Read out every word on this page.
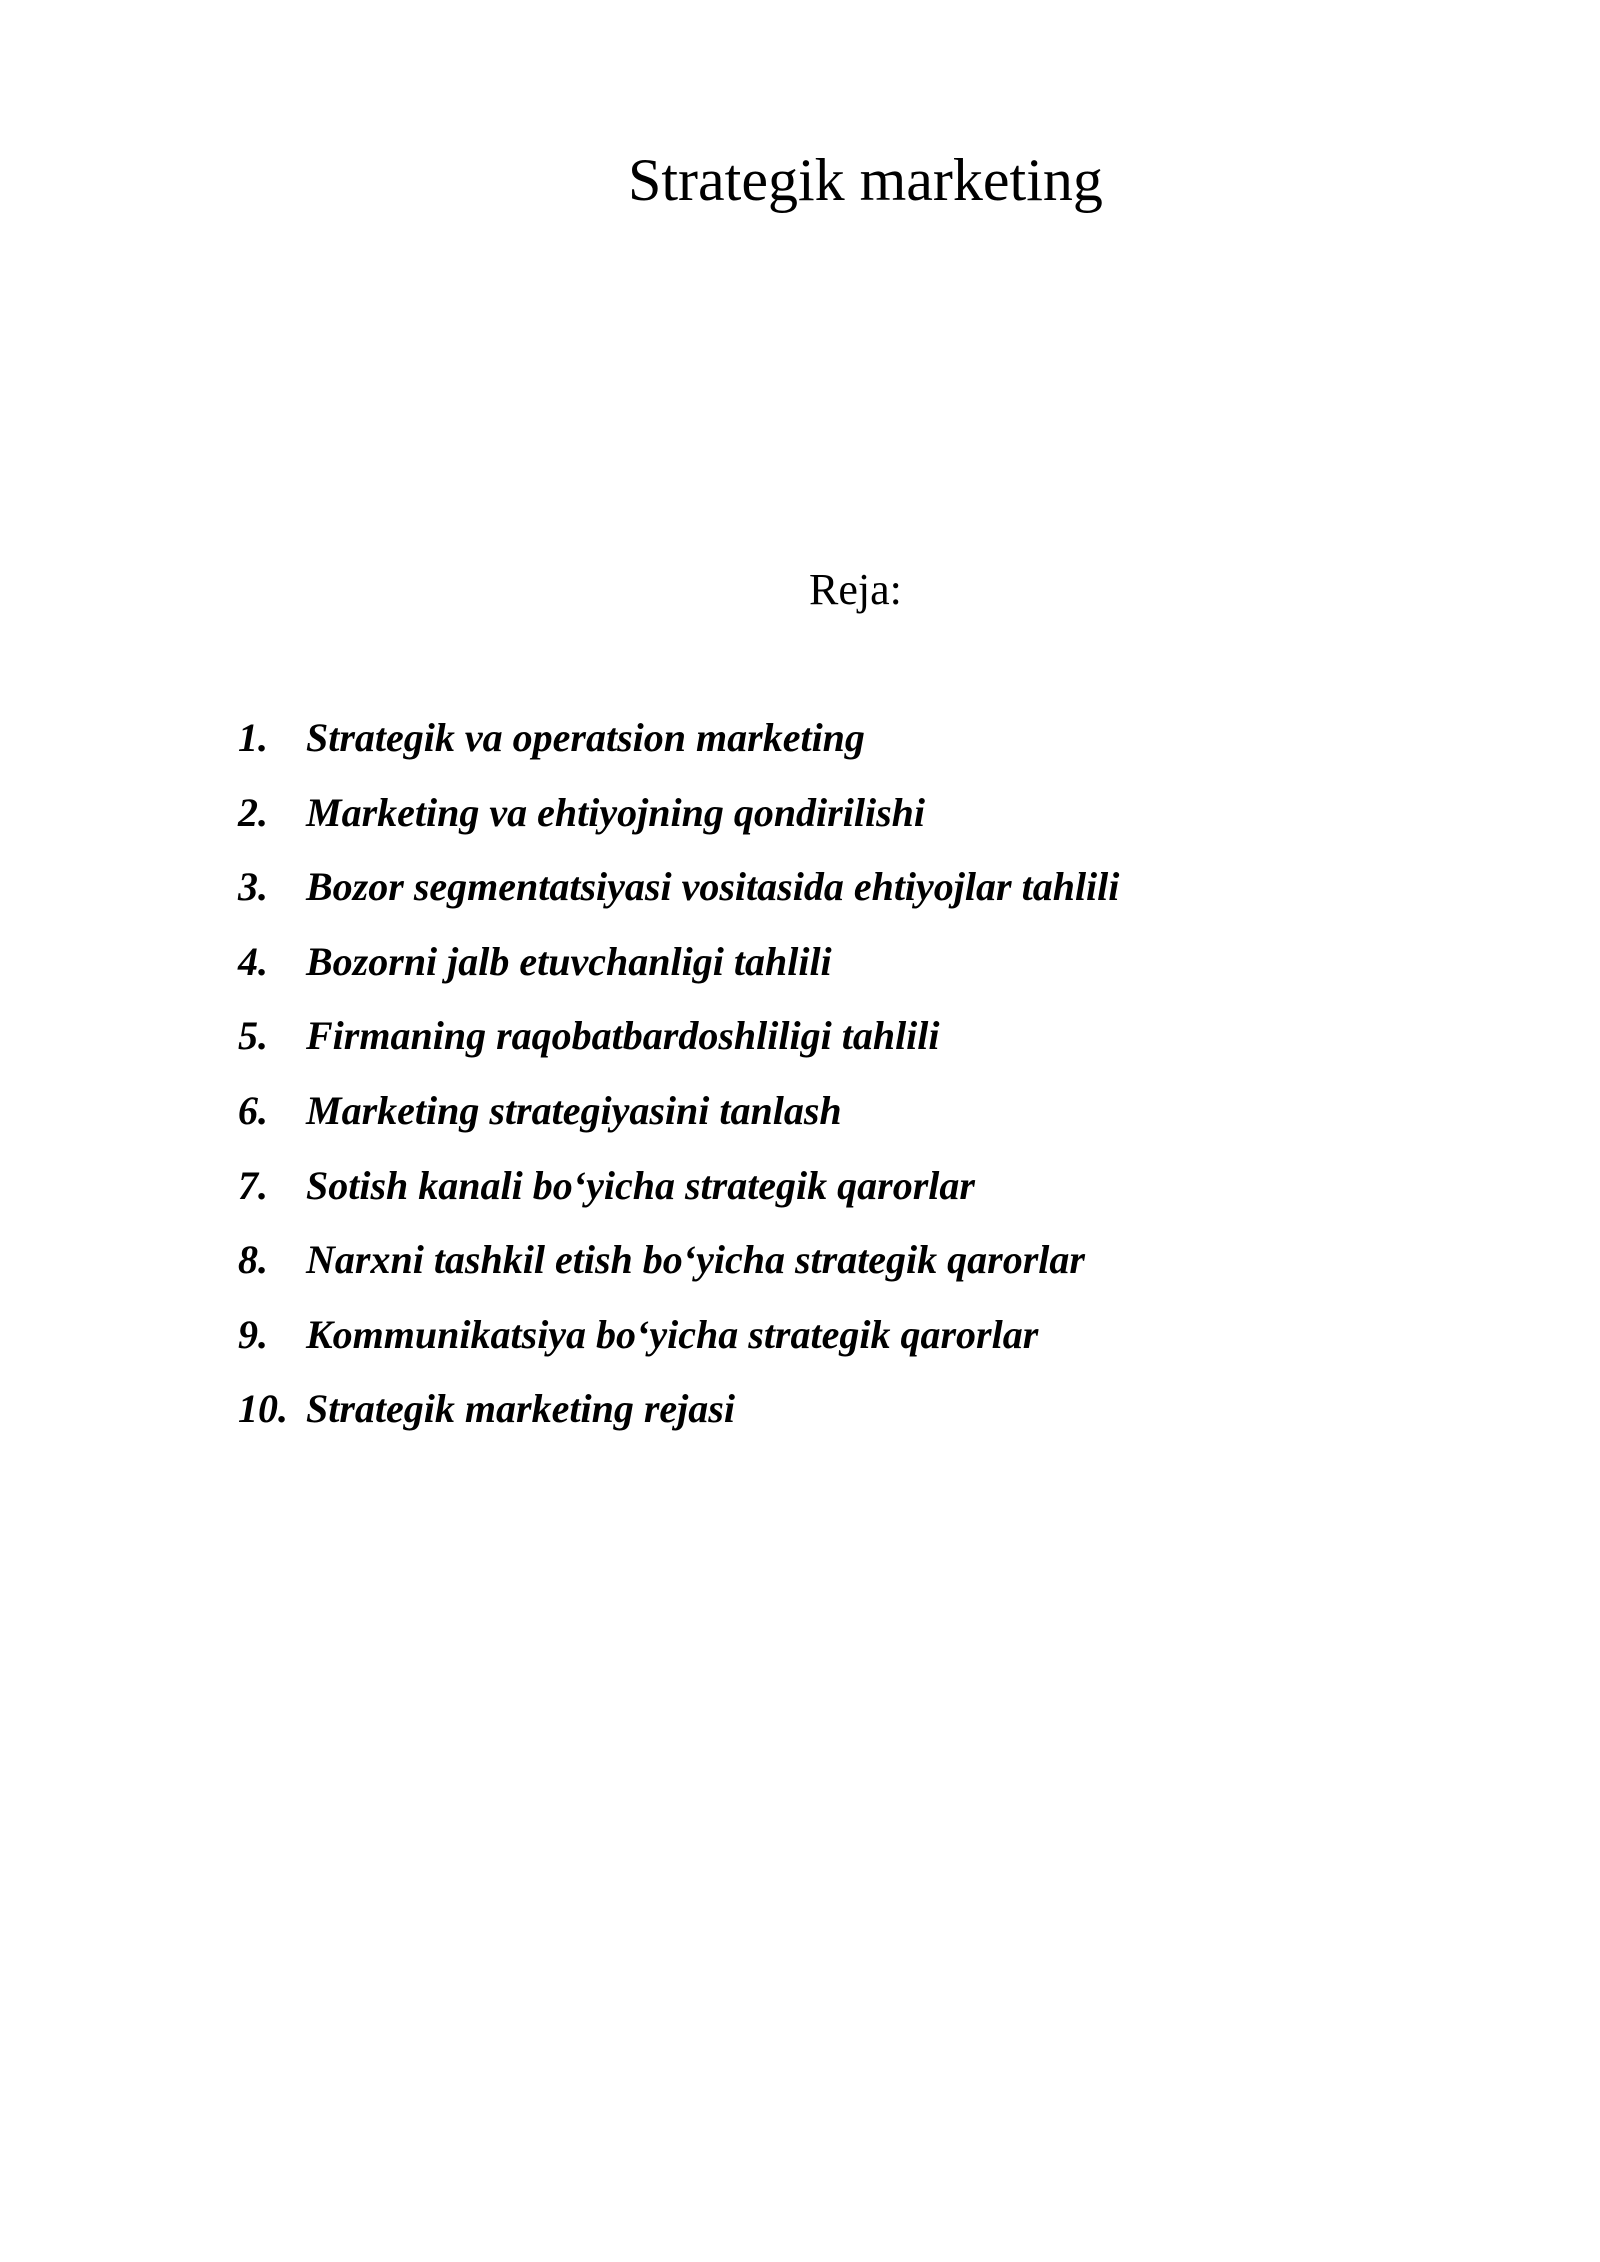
Strategik marketing
Reja:
1. Strategik va operatsion marketing
2. Marketing va ehtiyojning qondirilishi
3. Bozor segmentatsiyasi vositasida ehtiyojlar tahlili
4. Bozorni jalb etuvchanligi tahlili
5. Firmaning raqobatbardoshliligi tahlili
6. Marketing strategiyasini tanlash
7. Sotish kanali bo‘yicha strategik qarorlar
8. Narxni tashkil etish bo‘yicha strategik qarorlar
9. Kommunikatsiya bo‘yicha strategik qarorlar
10. Strategik marketing rejasi
